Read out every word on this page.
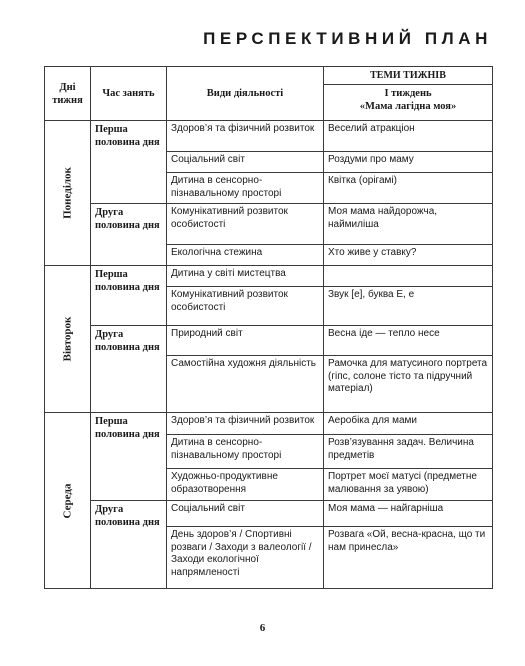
ПЕРСПЕКТИВНИЙ ПЛАН
Дні тижня	Час занять	Види діяльності	ТЕМИ ТИЖНІВ

			I тиждень
«Мама лагідна моя»

Понеділок	Перша половина дня	Здоров’я та фізичний розвиток	Веселий атракціон
		Соціальний світ	Роздуми про маму
		Дитина в сенсорно-пізнавальному просторі	Квітка (орігамі)
	Друга половина дня	Комунікативний розвиток особистості	Моя мама найдорожча, наймиліша
		Екологічна стежина	Хто живе у ставку?

Вівторок	Перша половина дня	Дитина у світі мистецтва	
		Комунікативний розвиток особистості	Звук [е], буква Е, е
	Друга половина дня	Природний світ	Весна іде — тепло несе
		Самостійна художня діяльність	Рамочка для матусиного портрета (гіпс, солоне тісто та підручний матеріал)

Середа	Перша половина дня	Здоров’я та фізичний розвиток	Аеробіка для мами
		Дитина в сенсорно-пізнавальному просторі	Розв’язування задач. Величина предметів
		Художньо-продуктивне образотворення	Портрет моєї матусі (предметне малювання за уявою)
	Друга половина дня	Соціальний світ	Моя мама — найгарніша
		День здоров’я / Спортивні розваги / Заходи з валеології / Заходи екологічної напрямленості	Розвага «Ой, весна-красна, що ти нам принесла»
6
